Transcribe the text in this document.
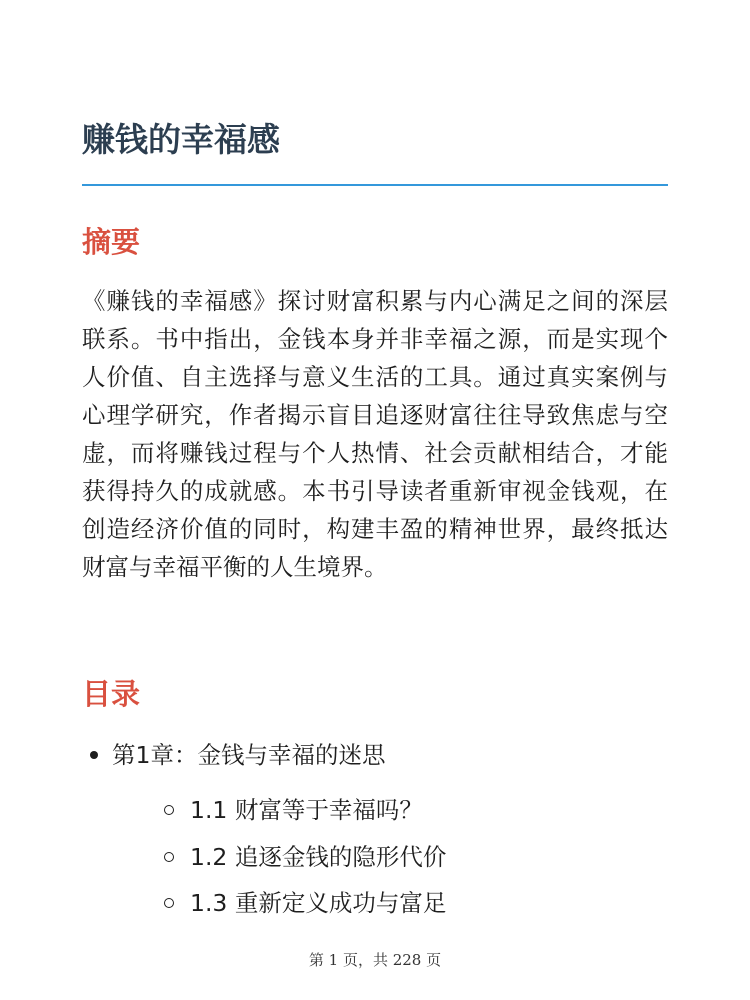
赚钱的幸福感
摘要

《赚钱的幸福感》探讨财富积累与内心满足之间的深层联系。书中指出，金钱本身并非幸福之源，而是实现个人价值、自主选择与意义生活的工具。通过真实案例与心理学研究，作者揭示盲目追逐财富往往导致焦虑与空虚，而将赚钱过程与个人热情、社会贡献相结合，才能获得持久的成就感。本书引导读者重新审视金钱观，在创造经济价值的同时，构建丰盈的精神世界，最终抵达财富与幸福平衡的人生境界。

目录
第1章：金钱与幸福的迷思
1.1 财富等于幸福吗？
1.2 追逐金钱的隐形代价
1.3 重新定义成功与富足
第 1 页，共 228 页
